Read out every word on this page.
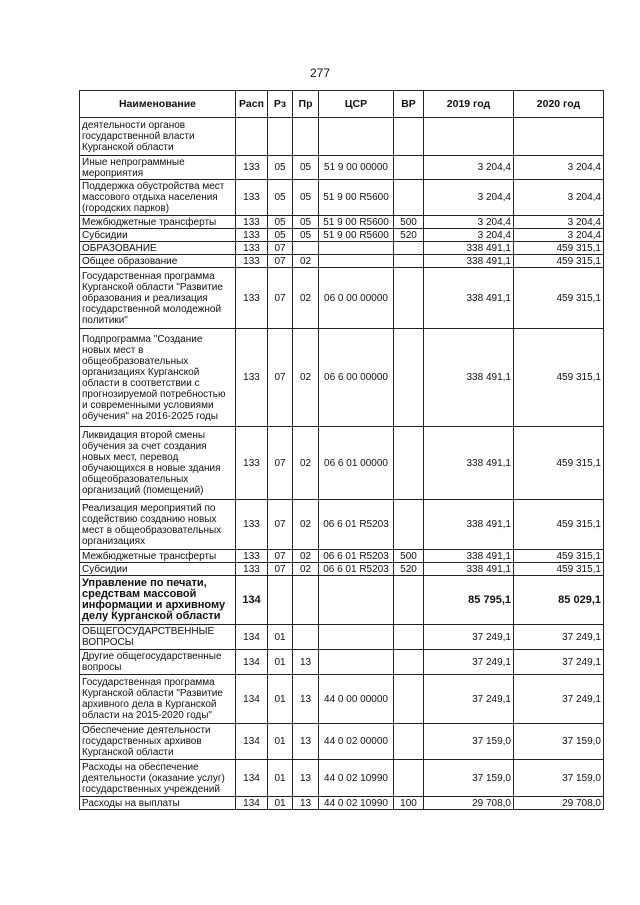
277
Наименование	Расп	Рз	Пр	ЦСР	ВР	2019 год	2020 год
деятельности органов государственной власти Курганской области							
Иные непрограммные мероприятия	133	05	05	51 9 00 00000		3 204,4	3 204,4
Поддержка обустройства мест массового отдыха населения (городских парков)	133	05	05	51 9 00 R5600		3 204,4	3 204,4
Межбюджетные трансферты	133	05	05	51 9 00 R5600	500	3 204,4	3 204,4
Субсидии	133	05	05	51 9 00 R5600	520	3 204,4	3 204,4
ОБРАЗОВАНИЕ	133	07				338 491,1	459 315,1
Общее образование	133	07	02			338 491,1	459 315,1
Государственная программа Курганской области "Развитие образования и реализация государственной молодежной политики"	133	07	02	06 0 00 00000		338 491,1	459 315,1
Подпрограмма "Создание новых мест в общеобразовательных организациях Курганской области в соответствии с прогнозируемой потребностью и современными условиями обучения" на 2016-2025 годы	133	07	02	06 6 00 00000		338 491,1	459 315,1
Ликвидация второй смены обучения за счет создания новых мест, перевод обучающихся в новые здания общеобразовательных организаций (помещений)	133	07	02	06 6 01 00000		338 491,1	459 315,1
Реализация мероприятий по содействию созданию новых мест в общеобразовательных организациях	133	07	02	06 6 01 R5203		338 491,1	459 315,1
Межбюджетные трансферты	133	07	02	06 6 01 R5203	500	338 491,1	459 315,1
Субсидии	133	07	02	06 6 01 R5203	520	338 491,1	459 315,1
Управление по печати, средствам массовой информации и архивному делу Курганской области	134					85 795,1	85 029,1
ОБЩЕГОСУДАРСТВЕННЫЕ ВОПРОСЫ	134	01				37 249,1	37 249,1
Другие общегосударственные вопросы	134	01	13			37 249,1	37 249,1
Государственная программа Курганской области "Развитие архивного дела в Курганской области на 2015-2020 годы"	134	01	13	44 0 00 00000		37 249,1	37 249,1
Обеспечение деятельности государственных архивов Курганской области	134	01	13	44 0 02 00000		37 159,0	37 159,0
Расходы на обеспечение деятельности (оказание услуг) государственных учреждений	134	01	13	44 0 02 10990		37 159,0	37 159,0
Расходы на выплаты	134	01	13	44 0 02 10990	100	29 708,0	29 708,0
